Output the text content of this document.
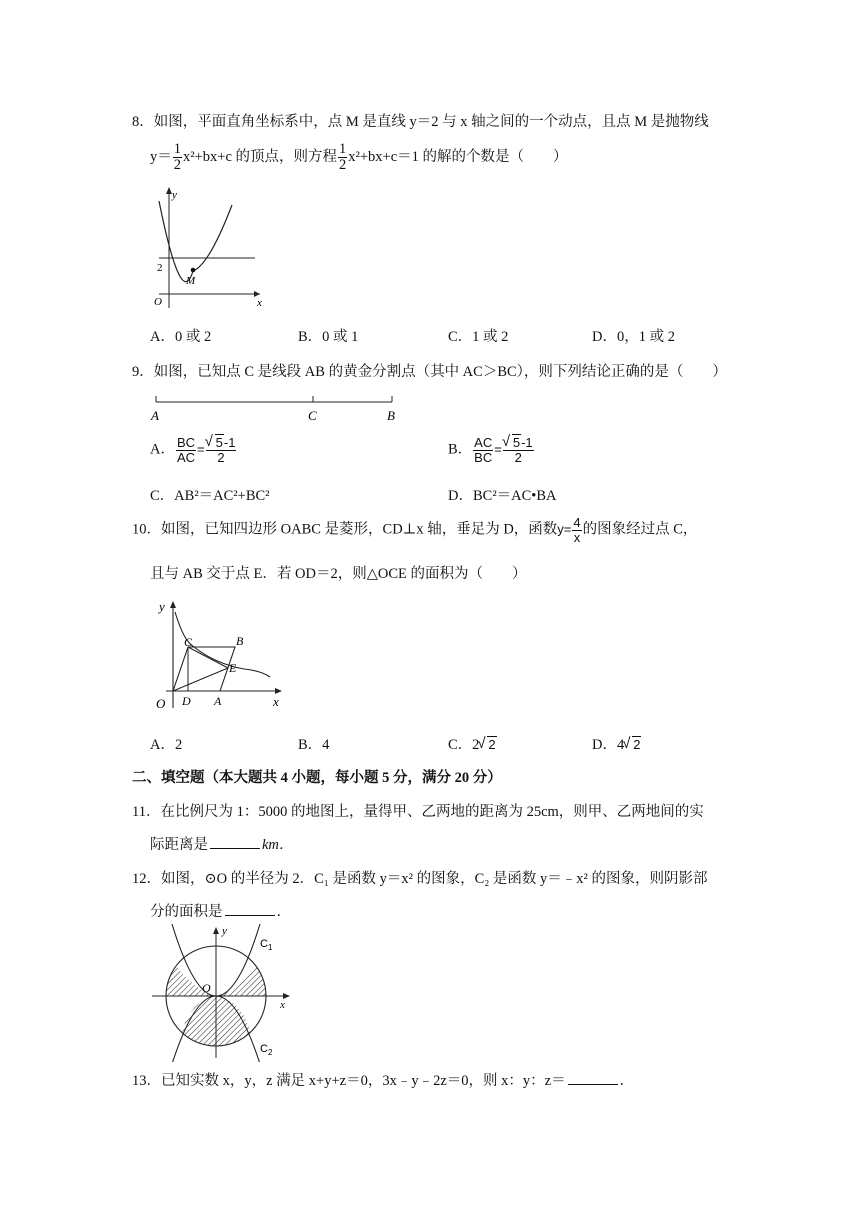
8．如图，平面直角坐标系中，点 M 是直线 y＝2 与 x 轴之间的一个动点，且点 M 是抛物线
$y= \frac{1}{2} x^2+bx+c$ 的顶点，则方程 $\frac{1}{2} x^2+bx+c=1$ 的解的个数是（　　）
y
x
2
M
O
A．0 或 2	B．0 或 1	C．1 或 2	D．0，1 或 2
9．如图，已知点 C 是线段 AB 的黄金分割点（其中 AC＞BC），则下列结论正确的是（　　）
A	C	B
A． $\frac{BC}{AC}$ = √ $\frac{5-1}{2}$	B． $\frac{AC}{BC}$ = √ $\frac{5-1}{2}$
C．AB²＝AC²+BC²	D．BC²＝AC•BA
10．如图，已知四边形 OABC 是菱形，CD⊥x 轴，垂足为 D，函数$y= \frac{4}{x}$ 的图象经过点 C，
且与 AB 交于点 E．若 OD＝2，则△OCE 的面积为（　　）
y
x
C	B
E
O D A
A．2	B．4	C．2 √ 2	D．4 √ 2
二、填空题（本大题共 4 小题，每小题 5 分，满分 20 分）
11．在比例尺为 1：5000 的地图上，量得甲、乙两地的距离为 25cm，则甲、乙两地间的实
际距离是	km．
12．如图，⊙O 的半径为 2．C₁ 是函数 y＝x² 的图象，C₂ 是函数 y＝﹣x² 的图象，则阴影部
分的面积是	．
y
x
O
$C_1$
$C_2$
13．已知实数 x，y，z 满足 x+y+z＝0，3x﹣y﹣2z＝0，则 x：y：z＝	．
